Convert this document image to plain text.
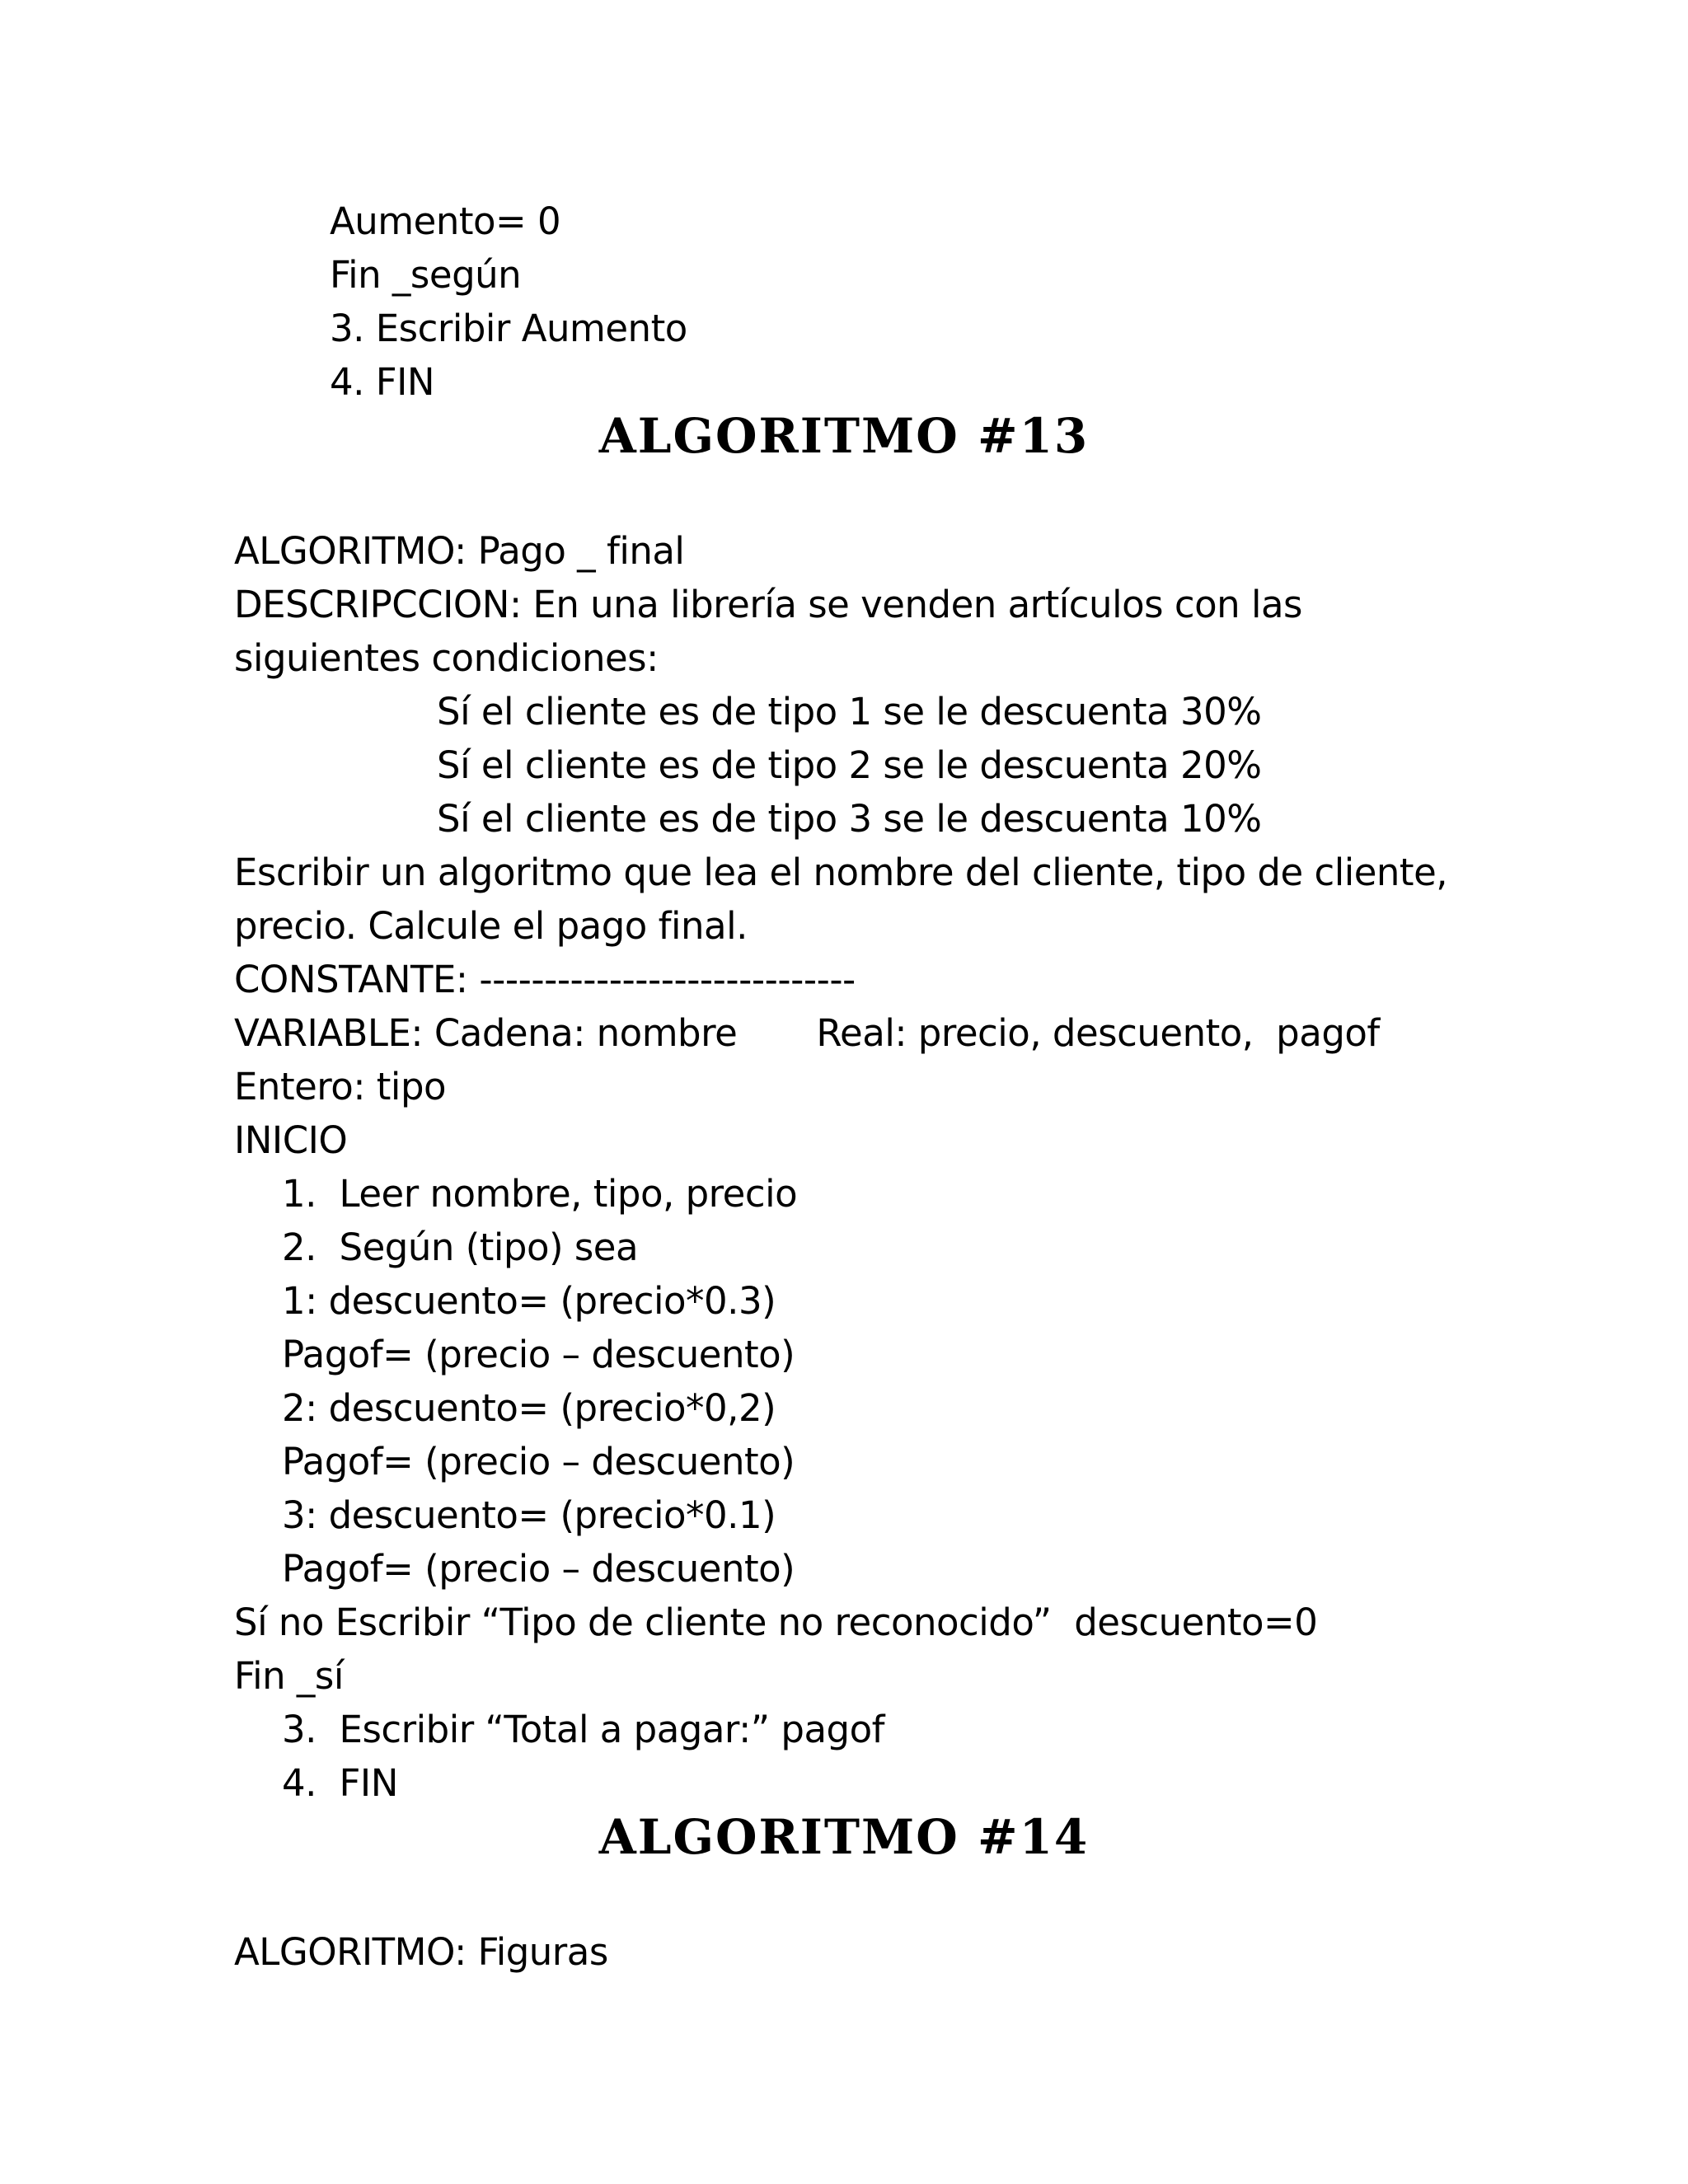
Aumento= 0
Fin _según
3. Escribir Aumento
4. FIN
ALGORITMO #13
ALGORITMO: Pago _ final
DESCRIPCCION: En una librería se venden artículos con las
siguientes condiciones:
Sí el cliente es de tipo 1 se le descuenta 30%
Sí el cliente es de tipo 2 se le descuenta 20%
Sí el cliente es de tipo 3 se le descuenta 10%
Escribir un algoritmo que lea el nombre del cliente, tipo de cliente,
precio. Calcule el pago final.
CONSTANTE: -----------------------------
VARIABLE: Cadena: nombre Real: precio, descuento,  pagof
Entero: tipo
INICIO
1.  Leer nombre, tipo, precio
2.  Según (tipo) sea
1: descuento= (precio*0.3)
Pagof= (precio – descuento)
2: descuento= (precio*0,2)
Pagof= (precio – descuento)
3: descuento= (precio*0.1)
Pagof= (precio – descuento)
Sí no Escribir “Tipo de cliente no reconocido”  descuento=0
Fin _sí
3.  Escribir “Total a pagar:” pagof
4.  FIN
ALGORITMO #14
ALGORITMO: Figuras
